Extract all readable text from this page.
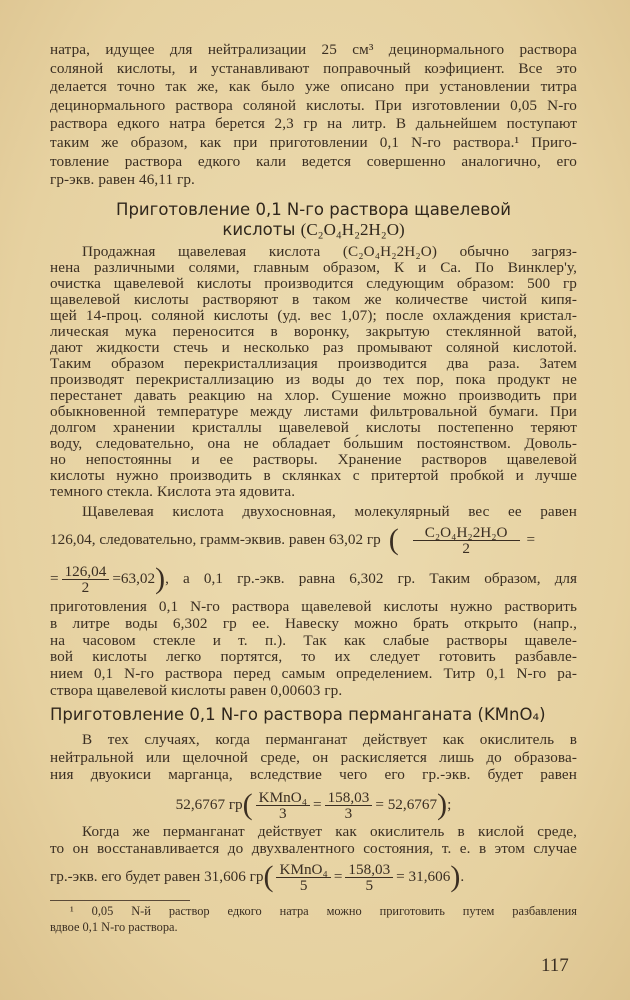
натра, идущее для нейтрализации 25 см³ децинормального раствора
соляной кислоты, и устанавливают поправочный коэфициент. Все это
делается точно так же, как было уже описано при установлении титра
децинормального раствора соляной кислоты. При изготовлении 0,05 N-го
раствора едкого натра берется 2,3 гр на литр. В дальнейшем поступают
таким же образом, как при приготовлении 0,1 N-го раствора.¹ Приго-
товление раствора едкого кали ведется совершенно аналогично, его
гр-экв. равен 46,11 гр.
Приготовление 0,1 N-го раствора щавелевой
кислоты (C₂O₄H₂2H₂O)
Продажная щавелевая кислота (C₂O₄H₂2H₂O) обычно загряз-
нена различными солями, главным образом, К и Са. По Винклер'у,
очистка щавелевой кислоты производится следующим образом: 500 гр
щавелевой кислоты растворяют в таком же количестве чистой кипя-
щей 14-проц. соляной кислоты (уд. вес 1,07); после охлаждения кристал-
лическая мука переносится в воронку, закрытую стеклянной ватой,
дают жидкости стечь и несколько раз промывают соляной кислотой.
Таким образом перекристаллизация производится два раза. Затем
производят перекристаллизацию из воды до тех пор, пока продукт не
перестанет давать реакцию на хлор. Сушение можно производить при
обыкновенной температуре между листами фильтровальной бумаги. При
долгом хранении кристаллы щавелевой кислоты постепенно теряют
воду, следовательно, она не обладает бо́льшим постоянством. Доволь-
но непостоянны и ее растворы. Хранение растворов щавелевой
кислоты нужно производить в склянках с притертой пробкой и лучше
темного стекла. Кислота эта ядовита.
Щавелевая кислота двухосновная, молекулярный вес ее равен
126,04, следовательно, грамм-эквив. равен 63,02 гр ( $\frac{\text{C₂O₄H₂2H₂O}}{2}$ =
= $\frac{126,04}{2} =63,02$ ) , а 0,1 гр.-экв. равна 6,302 гр. Таким образом, для
приготовления 0,1 N-го раствора щавелевой кислоты нужно растворить
в литре воды 6,302 гр ее. Навеску можно брать открыто (напр.,
на часовом стекле и т. п.). Так как слабые растворы щавеле-
вой кислоты легко портятся, то их следует готовить разбавле-
нием 0,1 N-го раствора перед самым определением. Титр 0,1 N-го ра-
створа щавелевой кислоты равен 0,00603 гр.
Приготовление 0,1 N-го раствора перманганата (KMnO₄)
В тех случаях, когда перманганат действует как окислитель в
нейтральной или щелочной среде, он раскисляется лишь до образова-
ния двуокиси марганца, вследствие чего его гр.-экв. будет равен
52,6767 гр ( KMnO₄
$3 = \frac{158,03}{3} = 52,6767$ ) ;
Когда же перманганат действует как окислитель в кислой среде,
то он восстанавливается до двухвалентного состояния, т. е. в этом случае
гр.-экв. его будет равен 31,606 гр ( KMnO₄
$5 = \frac{158,03}{5} = 31,606$ ) .
¹ 0,05 N-й раствор едкого натра можно приготовить путем разбавления
вдвое 0,1 N-го раствора.
117
